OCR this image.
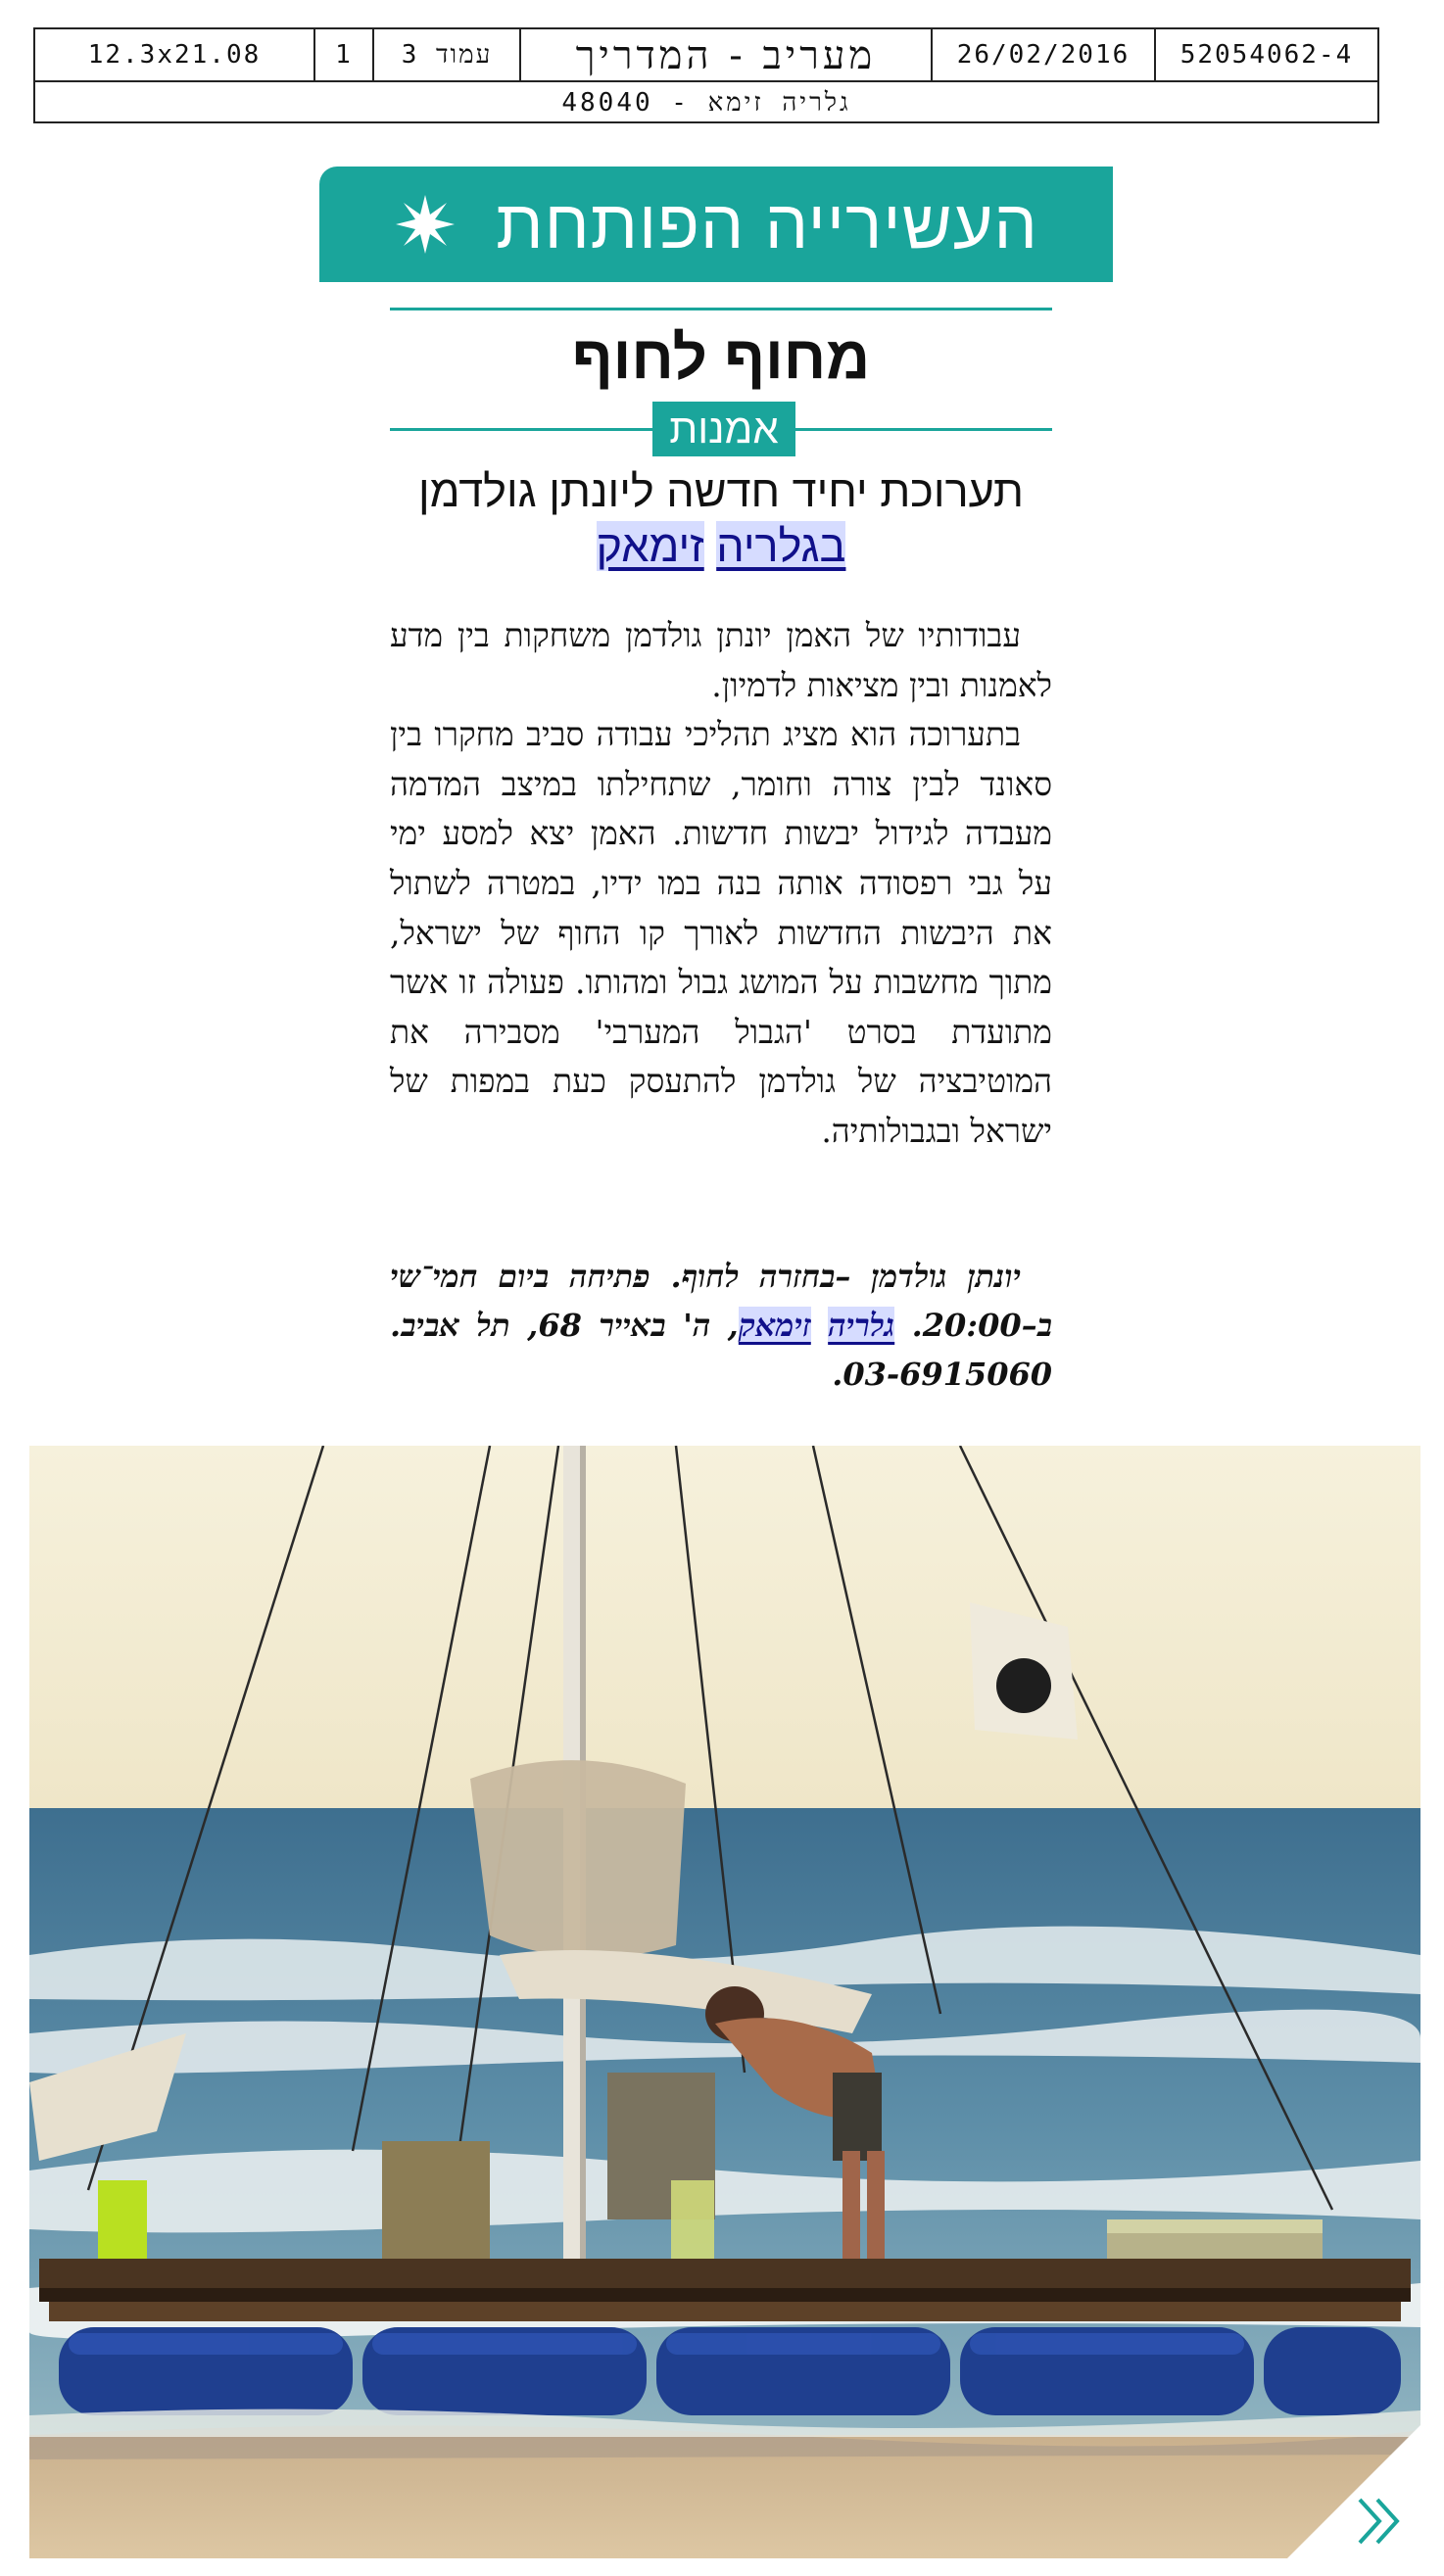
52054062-4
26/02/2016
מעריב - המדריך
עמוד 3
1
12.3x21.08
גלריה זימא - 48040
העשירייה הפותחת
מחוף לחוף
אמנות
תערוכת יחיד חדשה ליונתן גולדמן
בגלריה זימאק

עבודותיו של האמן יונתן גולדמן משחקות בין מדע לאמנות ובין מציאות לדמיון.

בתערוכה הוא מציג תהליכי עבודה סביב מחקרו בין סאונד לבין צורה וחומר, שתחילתו במיצב המדמה מעבדה לגידול יבשות חדשות. האמן יצא למסע ימי על גבי רפסודה אותה בנה במו ידיו, במטרה לשתול את היבשות החדשות לאורך קו החוף של ישראל, מתוך מחשבות על המושג גבול ומהותו. פעולה זו אשר מתועדת בסרט 'הגבול המערבי' מסבירה את המוטיבציה של גולדמן להתעסק כעת במפות של ישראל ובגבולותיה.

יונתן גולדמן –בחזרה לחוף. פתיחה ביום חמי־שי ב–20:00. גלריה זימאק, ה' באייר 68, תל אביב. 03-6915060.
